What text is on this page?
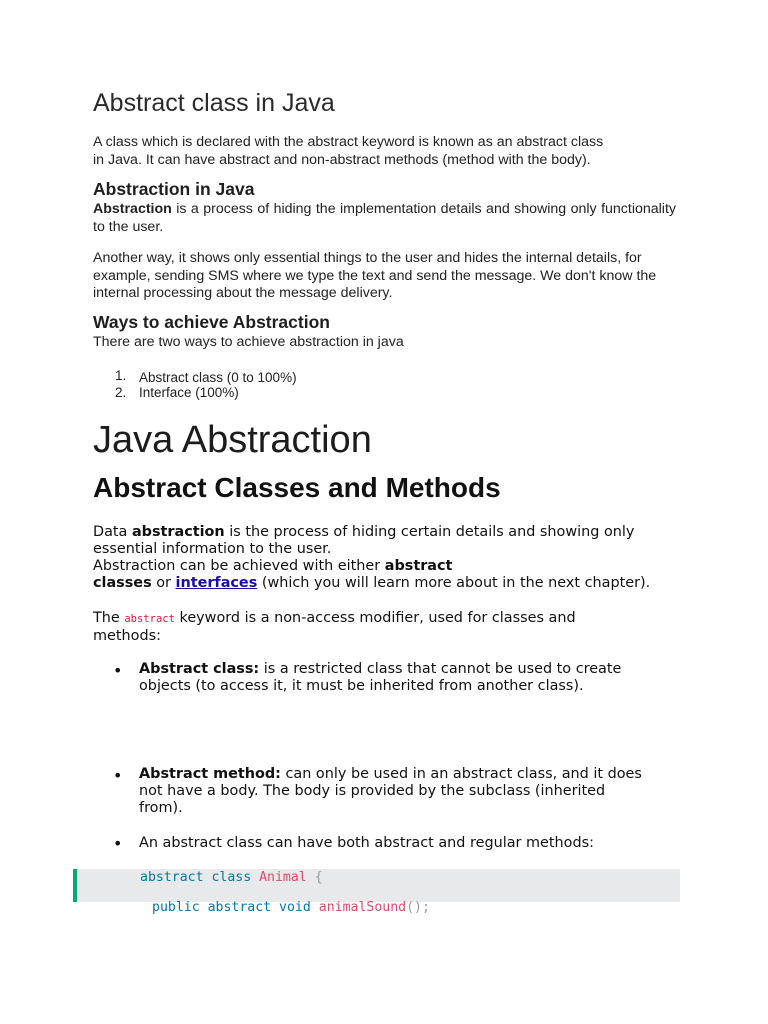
Abstract class in Java

A class which is declared with the abstract keyword is known as an abstract class
in Java. It can have abstract and non-abstract methods (method with the body).

Abstraction in Java

Abstraction is a process of hiding the implementation details and showing only functionality to the user.

Another way, it shows only essential things to the user and hides the internal details, for example, sending SMS where we type the text and send the message. We don't know the internal processing about the message delivery.

Ways to achieve Abstraction

There are two ways to achieve abstraction in java

1. Abstract class (0 to 100%)
2. Interface (100%)
Java Abstraction
Abstract Classes and Methods

Data abstraction is the process of hiding certain details and showing only
essential information to the user.
Abstraction can be achieved with either abstract
classes or interfaces (which you will learn more about in the next chapter).

The abstract keyword is a non-access modifier, used for classes and
methods:

• Abstract class: is a restricted class that cannot be used to create
objects (to access it, it must be inherited from another class).

• Abstract method: can only be used in an abstract class, and it does
not have a body. The body is provided by the subclass (inherited
from).

• An abstract class can have both abstract and regular methods:

abstract class Animal {
public abstract void animalSound();
